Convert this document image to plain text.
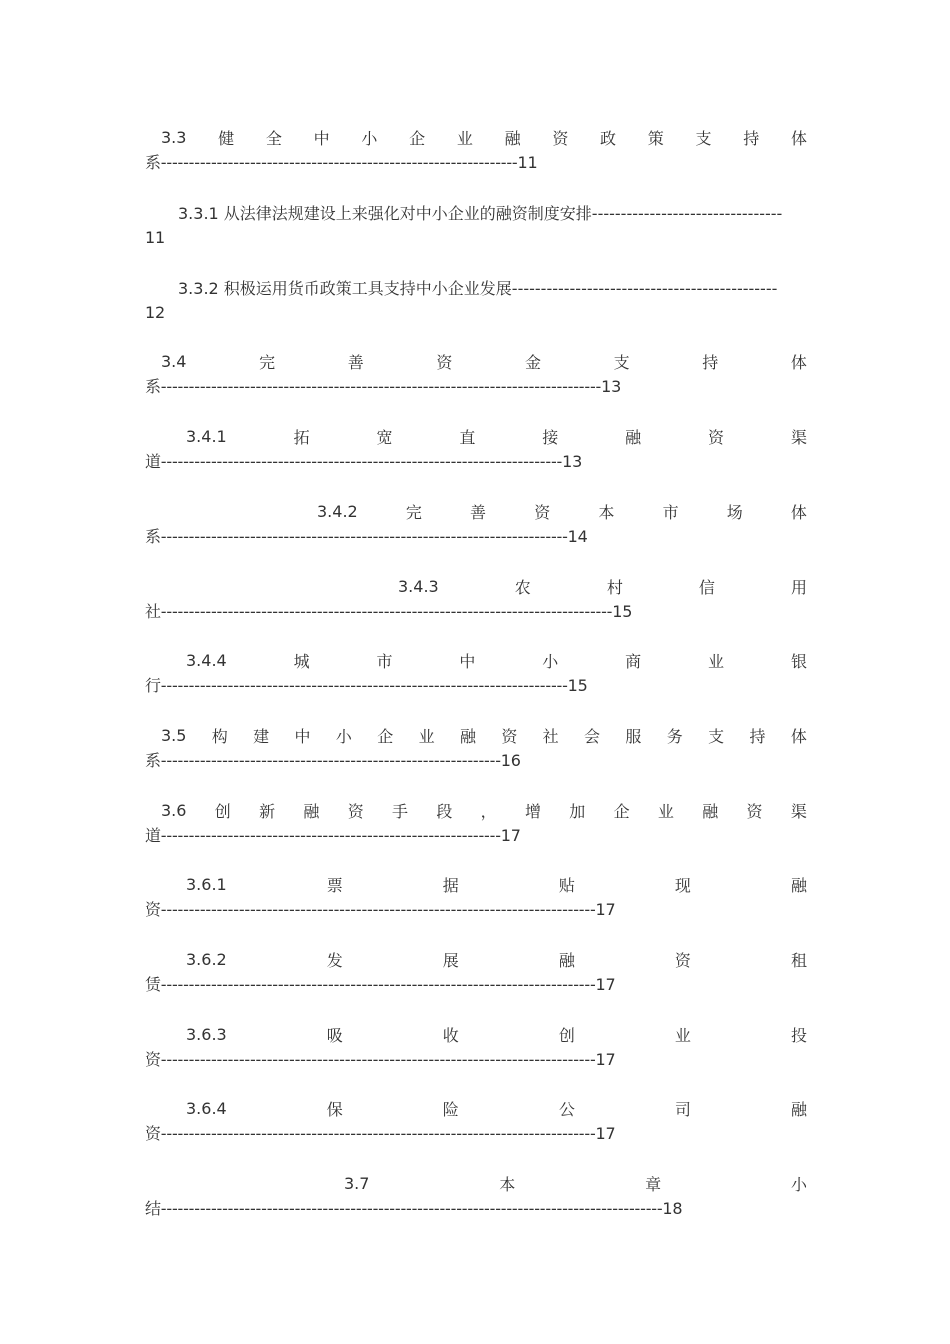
3.3 健 全 中 小 企 业 融 资 政 策 支 持 体
系----------------------------------------------------------------11
3.3.1 从法律法规建设上来强化对中小企业的融资制度安排---------------------------------
11
3.3.2 积极运用货币政策工具支持中小企业发展----------------------------------------------
12
3.4	完	善	资	金	支	持	体
系-------------------------------------------------------------------------------13
3.4.1	拓	宽	直	接	融	资	渠
道------------------------------------------------------------------------13
3.4.2	完	善	资	本	市	场	体
系-------------------------------------------------------------------------14
3.4.3	农	村	信	用
社---------------------------------------------------------------------------------15
3.4.4	城	市	中	小	商	业	银
行-------------------------------------------------------------------------15
3.5 构 建 中 小 企 业 融 资 社 会 服 务 支 持 体
系-------------------------------------------------------------16
3.6 创 新 融 资 手 段 ， 增 加 企 业 融 资 渠
道-------------------------------------------------------------17
3.6.1	票	据	贴	现	融
资------------------------------------------------------------------------------17
3.6.2	发	展	融	资	租
赁------------------------------------------------------------------------------17
3.6.3	吸	收	创	业	投
资------------------------------------------------------------------------------17
3.6.4	保	险	公	司	融
资------------------------------------------------------------------------------17
3.7	本	章	小
结------------------------------------------------------------------------------------------18
